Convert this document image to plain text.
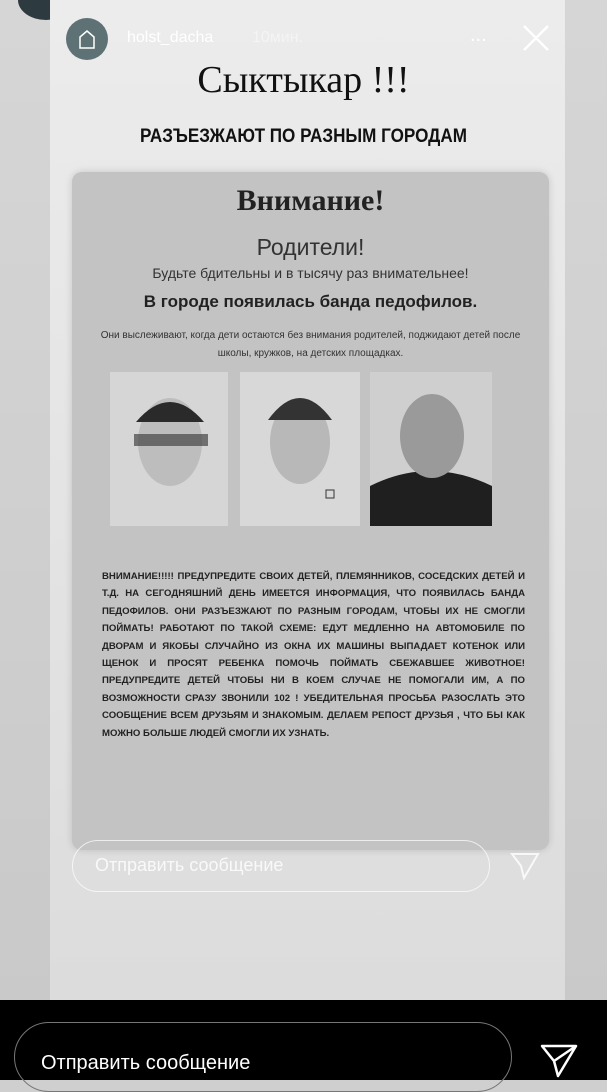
holst_dacha 10мин.	...
Сыктыкар !!!
РАЗЪЕЗЖАЮТ ПО РАЗНЫМ ГОРОДАМ
Внимание!
Родители!
Будьте бдительны и в тысячу раз внимательнее!
В городе появилась банда педофилов.
Они выслеживают, когда дети остаются без внимания родителей, поджидают детей после школы, кружков, на детских площадках.
ВНИМАНИЕ!!!!! ПРЕДУПРЕДИТЕ СВОИХ ДЕТЕЙ, ПЛЕМЯННИКОВ, СОСЕДСКИХ ДЕТЕЙ И Т.Д. НА СЕГОДНЯШНИЙ ДЕНЬ ИМЕЕТСЯ ИНФОРМАЦИЯ, ЧТО ПОЯВИЛАСЬ БАНДА ПЕДОФИЛОВ. ОНИ РАЗЪЕЗЖАЮТ ПО РАЗНЫМ ГОРОДАМ, ЧТОБЫ ИХ НЕ СМОГЛИ ПОЙМАТЬ! РАБОТАЮТ ПО ТАКОЙ СХЕМЕ: ЕДУТ МЕДЛЕННО НА АВТОМОБИЛЕ ПО ДВОРАМ И ЯКОБЫ СЛУЧАЙНО ИЗ ОКНА ИХ МАШИНЫ ВЫПАДАЕТ КОТЕНОК ИЛИ ЩЕНОК И ПРОСЯТ РЕБЕНКА ПОМОЧЬ ПОЙМАТЬ СБЕЖАВШЕЕ ЖИВОТНОЕ! ПРЕДУПРЕДИТЕ ДЕТЕЙ ЧТОБЫ НИ В КОЕМ СЛУЧАЕ НЕ ПОМОГАЛИ ИМ, А ПО ВОЗМОЖНОСТИ СРАЗУ ЗВОНИЛИ 102 ! УБЕДИТЕЛЬНАЯ ПРОСЬБА РАЗОСЛАТЬ ЭТО СООБЩЕНИЕ ВСЕМ ДРУЗЬЯМ И ЗНАКОМЫМ. ДЕЛАЕМ РЕПОСТ ДРУЗЬЯ , ЧТО БЫ КАК МОЖНО БОЛЬШЕ ЛЮДЕЙ СМОГЛИ ИХ УЗНАТЬ.
Отправить сообщение
Отправить сообщение
